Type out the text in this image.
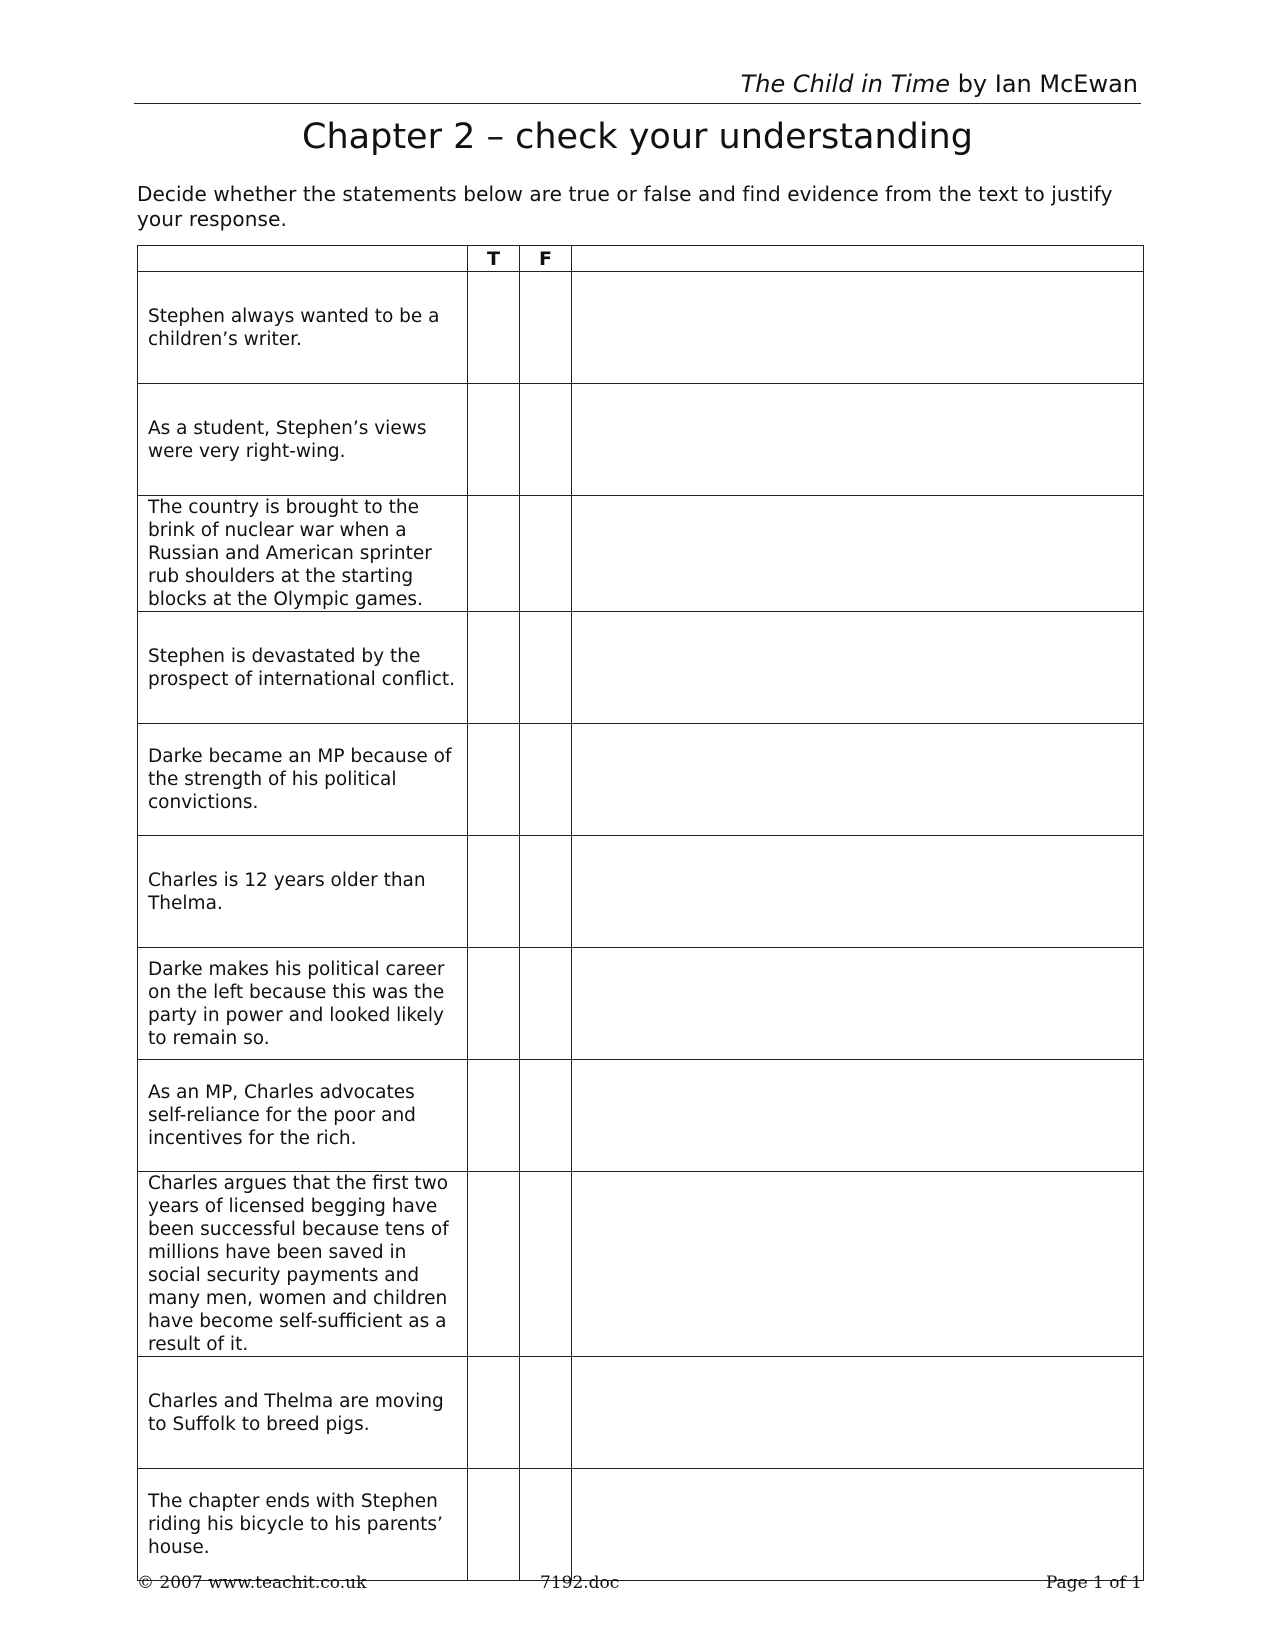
The Child in Time by Ian McEwan
Chapter 2 – check your understanding
Decide whether the statements below are true or false and find evidence from the text to justify your response.
	T	F	
Stephen always wanted to be a children’s writer.			
As a student, Stephen’s views were very right-wing.			
The country is brought to the brink of nuclear war when a Russian and American sprinter rub shoulders at the starting blocks at the Olympic games.			
Stephen is devastated by the prospect of international conflict.			
Darke became an MP because of the strength of his political convictions.			
Charles is 12 years older than Thelma.			
Darke makes his political career on the left because this was the party in power and looked likely to remain so.			
As an MP, Charles advocates self-reliance for the poor and incentives for the rich.			
Charles argues that the first two years of licensed begging have been successful because tens of millions have been saved in social security payments and many men, women and children have become self-sufficient as a result of it.			
Charles and Thelma are moving to Suffolk to breed pigs.			
The chapter ends with Stephen riding his bicycle to his parents’ house.			
© 2007 www.teachit.co.uk	7192.doc	Page 1 of 1
